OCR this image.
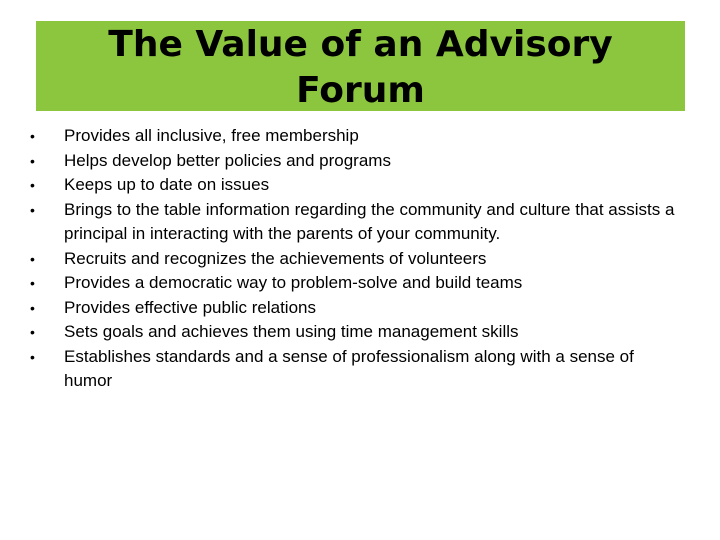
The Value of an Advisory
Forum
• Provides all inclusive, free membership
• Helps develop better policies and programs
• Keeps up to date on issues
• Brings to the table information regarding the community and culture that assists a principal in interacting with the parents of your community.
• Recruits and recognizes the achievements of volunteers
• Provides a democratic way to problem-solve and build teams
• Provides effective public relations
• Sets goals and achieves them using time management skills
• Establishes standards and a sense of professionalism along with a sense of humor
